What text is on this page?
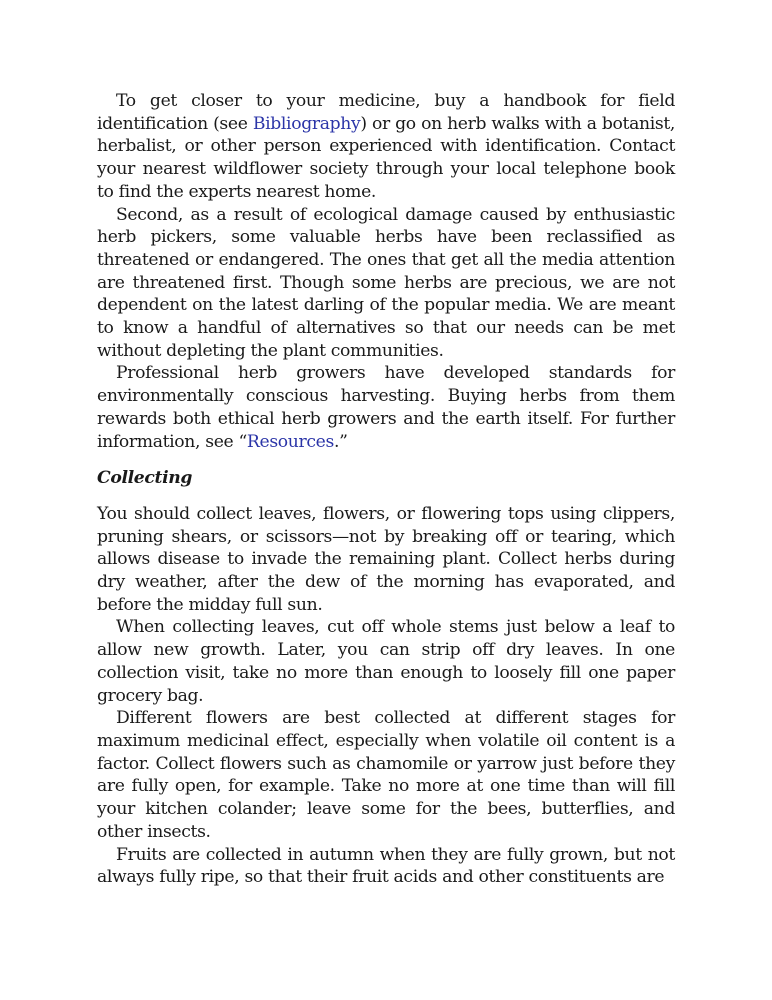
To get closer to your medicine, buy a handbook for field identification (see Bibliography) or go on herb walks with a botanist, herbalist, or other person experienced with identification. Contact your nearest wildflower society through your local telephone book to find the experts nearest home.

Second, as a result of ecological damage caused by enthusiastic herb pickers, some valuable herbs have been reclassified as threatened or endangered. The ones that get all the media attention are threatened first. Though some herbs are precious, we are not dependent on the latest darling of the popular media. We are meant to know a handful of alternatives so that our needs can be met without depleting the plant communities.

Professional herb growers have developed standards for environmentally conscious harvesting. Buying herbs from them rewards both ethical herb growers and the earth itself. For further information, see “Resources.”

Collecting

You should collect leaves, flowers, or flowering tops using clippers, pruning shears, or scissors—not by breaking off or tearing, which allows disease to invade the remaining plant. Collect herbs during dry weather, after the dew of the morning has evaporated, and before the midday full sun.

When collecting leaves, cut off whole stems just below a leaf to allow new growth. Later, you can strip off dry leaves. In one collection visit, take no more than enough to loosely fill one paper grocery bag.

Different flowers are best collected at different stages for maximum medicinal effect, especially when volatile oil content is a factor. Collect flowers such as chamomile or yarrow just before they are fully open, for example. Take no more at one time than will fill your kitchen colander; leave some for the bees, butterflies, and other insects.

Fruits are collected in autumn when they are fully grown, but not always fully ripe, so that their fruit acids and other constituents are
